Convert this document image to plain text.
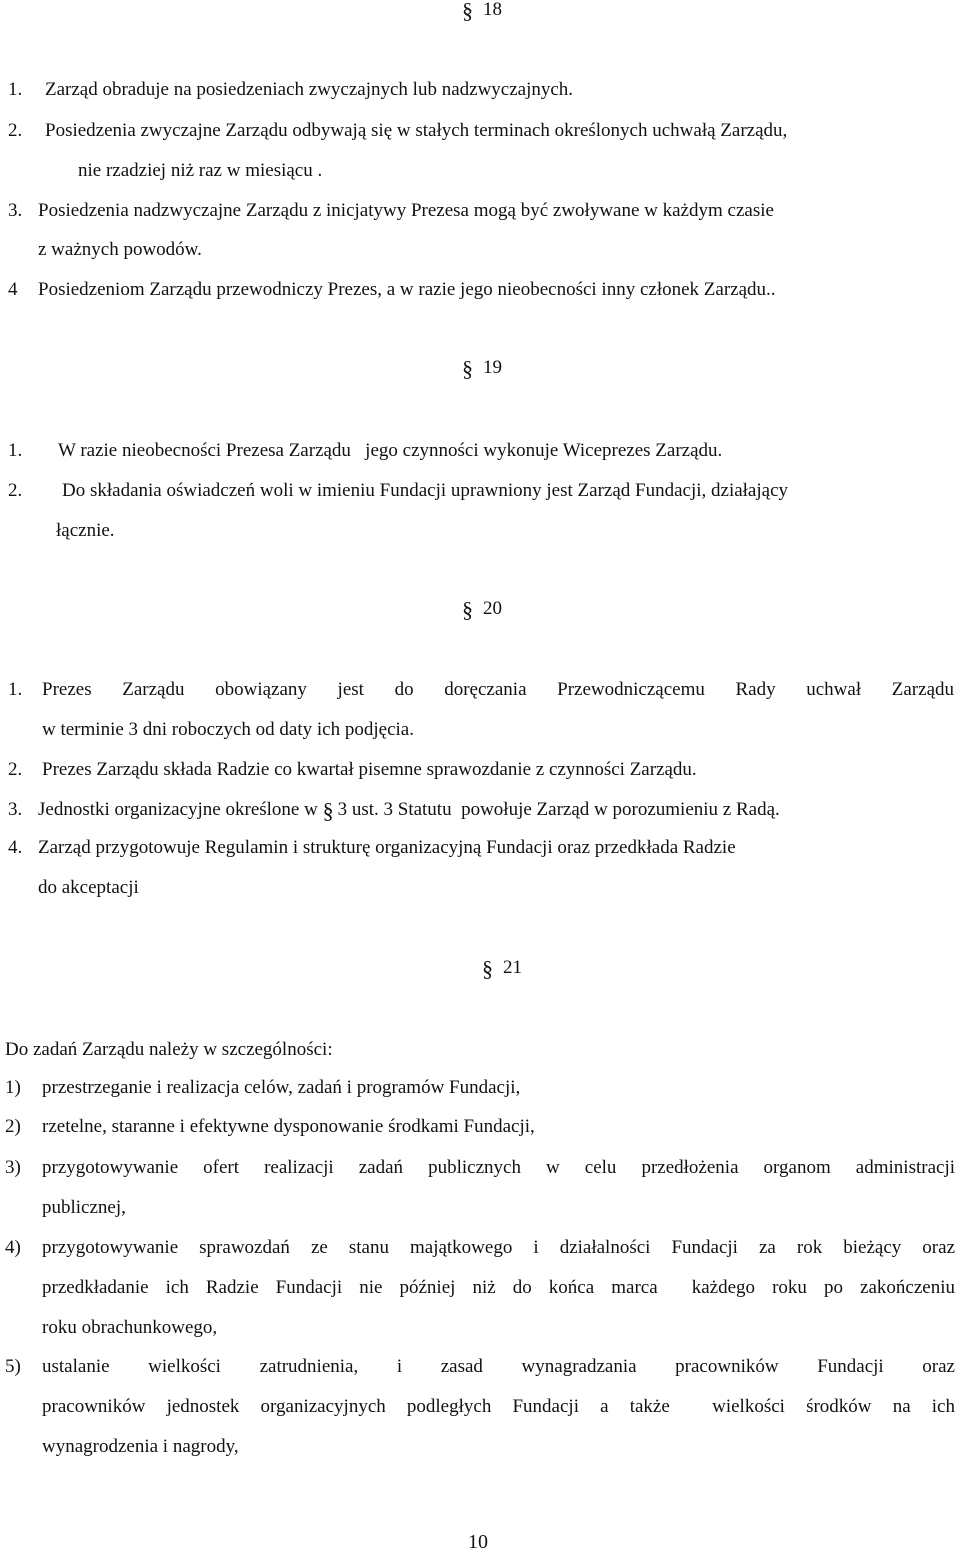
§ 18
1. Zarząd obraduje na posiedzeniach zwyczajnych lub nadzwyczajnych.
2. Posiedzenia zwyczajne Zarządu odbywają się w stałych terminach określonych uchwałą Zarządu,
nie rzadziej niż raz w miesiącu .
3. Posiedzenia nadzwyczajne Zarządu z inicjatywy Prezesa mogą być zwoływane w każdym czasie
z ważnych powodów.
4 Posiedzeniom Zarządu przewodniczy Prezes, a w razie jego nieobecności inny członek Zarządu..
§ 19
1. W razie nieobecności Prezesa Zarządu   jego czynności wykonuje Wiceprezes Zarządu.
2. Do składania oświadczeń woli w imieniu Fundacji uprawniony jest Zarząd Fundacji, działający
łącznie.
§ 20
1. Prezes Zarządu obowiązany jest do doręczania Przewodniczącemu Rady uchwał Zarządu
w terminie 3 dni roboczych od daty ich podjęcia.
2. Prezes Zarządu składa Radzie co kwartał pisemne sprawozdanie z czynności Zarządu.
3. Jednostki organizacyjne określone w § 3 ust. 3 Statutu  powołuje Zarząd w porozumieniu z Radą.
4. Zarząd przygotowuje Regulamin i strukturę organizacyjną Fundacji oraz przedkłada Radzie
do akceptacji
§ 21
Do zadań Zarządu należy w szczególności:
1) przestrzeganie i realizacja celów, zadań i programów Fundacji,
2) rzetelne, staranne i efektywne dysponowanie środkami Fundacji,
3) przygotowywanie ofert realizacji zadań publicznych w celu przedłożenia organom administracji
publicznej,
4) przygotowywanie sprawozdań ze stanu majątkowego i działalności Fundacji za rok bieżący oraz
przedkładanie ich Radzie Fundacji nie później niż do końca marca  każdego roku po zakończeniu
roku obrachunkowego,
5) ustalanie wielkości zatrudnienia, i zasad wynagradzania pracowników Fundacji oraz
pracowników jednostek organizacyjnych podległych Fundacji a także  wielkości środków na ich
wynagrodzenia i nagrody,
10
